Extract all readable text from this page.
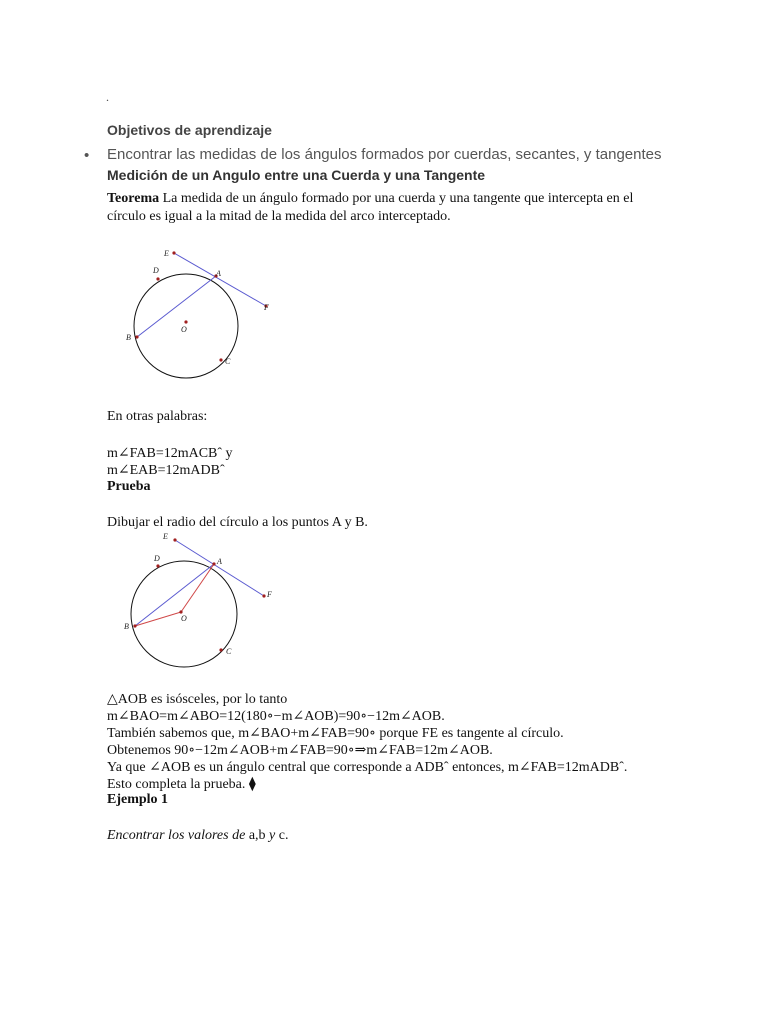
.
Objetivos de aprendizaje
• Encontrar las medidas de los ángulos formados por cuerdas, secantes, y tangentes
Medición de un Angulo entre una Cuerda y una Tangente
Teorema La medida de un ángulo formado por una cuerda y una tangente que intercepta en el círculo es igual a la mitad de la medida del arco interceptado.
E
D	A
F
O
B
C
En otras palabras:
m∠FAB=12mACBˆ y
m∠EAB=12mADBˆ
Prueba
Dibujar el radio del círculo a los puntos A y B.
E
D	A
F
O
B
C
△AOB es isósceles, por lo tanto
m∠BAO=m∠ABO=12(180∘−m∠AOB)=90∘−12m∠AOB.
También sabemos que, m∠BAO+m∠FAB=90∘ porque FE es tangente al círculo.
Obtenemos 90∘−12m∠AOB+m∠FAB=90∘⇒m∠FAB=12m∠AOB.
Ya que ∠AOB es un ángulo central que corresponde a ADBˆ entonces, m∠FAB=12mADBˆ.
Esto completa la prueba. ⧫
Ejemplo 1
Encontrar los valores de a,b y c.
